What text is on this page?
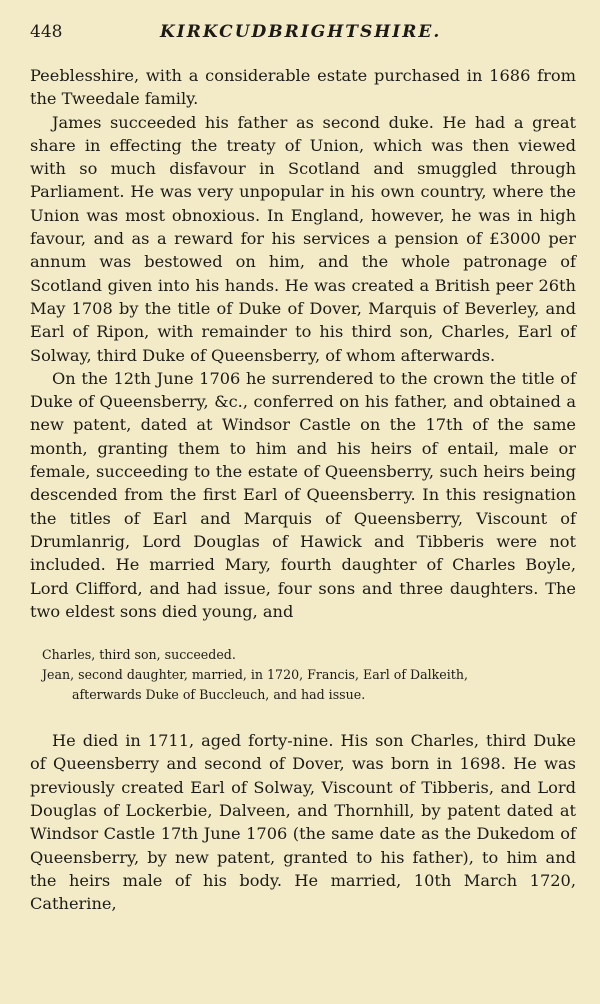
448	KIRKCUDBRIGHTSHIRE.

Peeblesshire, with a considerable estate purchased in 1686 from the Tweedale family.

James succeeded his father as second duke. He had a great share in effecting the treaty of Union, which was then viewed with so much disfavour in Scotland and smuggled through Parliament. He was very unpopular in his own country, where the Union was most obnoxious. In England, however, he was in high favour, and as a reward for his services a pension of £3000 per annum was bestowed on him, and the whole patronage of Scotland given into his hands. He was created a British peer 26th May 1708 by the title of Duke of Dover, Marquis of Beverley, and Earl of Ripon, with remainder to his third son, Charles, Earl of Solway, third Duke of Queensberry, of whom afterwards.

On the 12th June 1706 he surrendered to the crown the title of Duke of Queensberry, &c., conferred on his father, and obtained a new patent, dated at Windsor Castle on the 17th of the same month, granting them to him and his heirs of entail, male or female, succeeding to the estate of Queensberry, such heirs being descended from the first Earl of Queensberry. In this resignation the titles of Earl and Marquis of Queensberry, Viscount of Drumlanrig, Lord Douglas of Hawick and Tibberis were not included. He married Mary, fourth daughter of Charles Boyle, Lord Clifford, and had issue, four sons and three daughters. The two eldest sons died young, and

Charles, third son, succeeded.

Jean, second daughter, married, in 1720, Francis, Earl of Dalkeith,

afterwards Duke of Buccleuch, and had issue.

He died in 1711, aged forty-nine. His son Charles, third Duke of Queensberry and second of Dover, was born in 1698. He was previously created Earl of Solway, Viscount of Tibberis, and Lord Douglas of Lockerbie, Dalveen, and Thornhill, by patent dated at Windsor Castle 17th June 1706 (the same date as the Dukedom of Queensberry, by new patent, granted to his father), to him and the heirs male of his body. He married, 10th March 1720, Catherine,
